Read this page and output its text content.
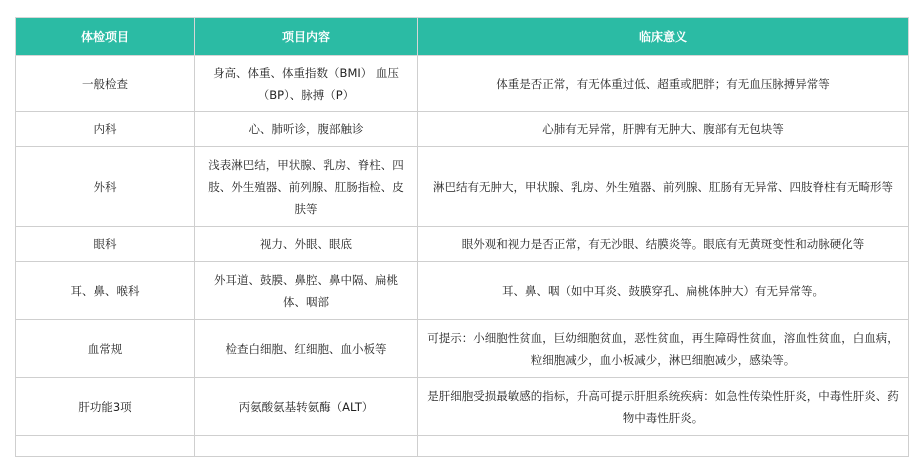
体检项目	项目内容	临床意义
一般检查	身高、体重、体重指数（BMI） 血压（BP）、脉搏（P）	体重是否正常，有无体重过低、超重或肥胖；有无血压脉搏异常等
内科	心、肺听诊，腹部触诊	心肺有无异常，肝脾有无肿大、腹部有无包块等
外科	浅表淋巴结，甲状腺、乳房、脊柱、四肢、外生殖器、前列腺、肛肠指检、皮肤等	淋巴结有无肿大，甲状腺、乳房、外生殖器、前列腺、肛肠有无异常、四肢脊柱有无畸形等
眼科	视力、外眼、眼底	眼外观和视力是否正常，有无沙眼、结膜炎等。眼底有无黄斑变性和动脉硬化等
耳、鼻、喉科	外耳道、鼓膜、鼻腔、鼻中隔、扁桃体、咽部	耳、鼻、咽（如中耳炎、鼓膜穿孔、扁桃体肿大）有无异常等。
血常规	检查白细胞、红细胞、血小板等	可提示：小细胞性贫血，巨幼细胞贫血，恶性贫血，再生障碍性贫血，溶血性贫血，白血病，粒细胞减少，血小板减少，淋巴细胞减少，感染等。
肝功能3项	丙氨酸氨基转氨酶（ALT）	是肝细胞受损最敏感的指标，升高可提示肝胆系统疾病：如急性传染性肝炎，中毒性肝炎、药物中毒性肝炎。
